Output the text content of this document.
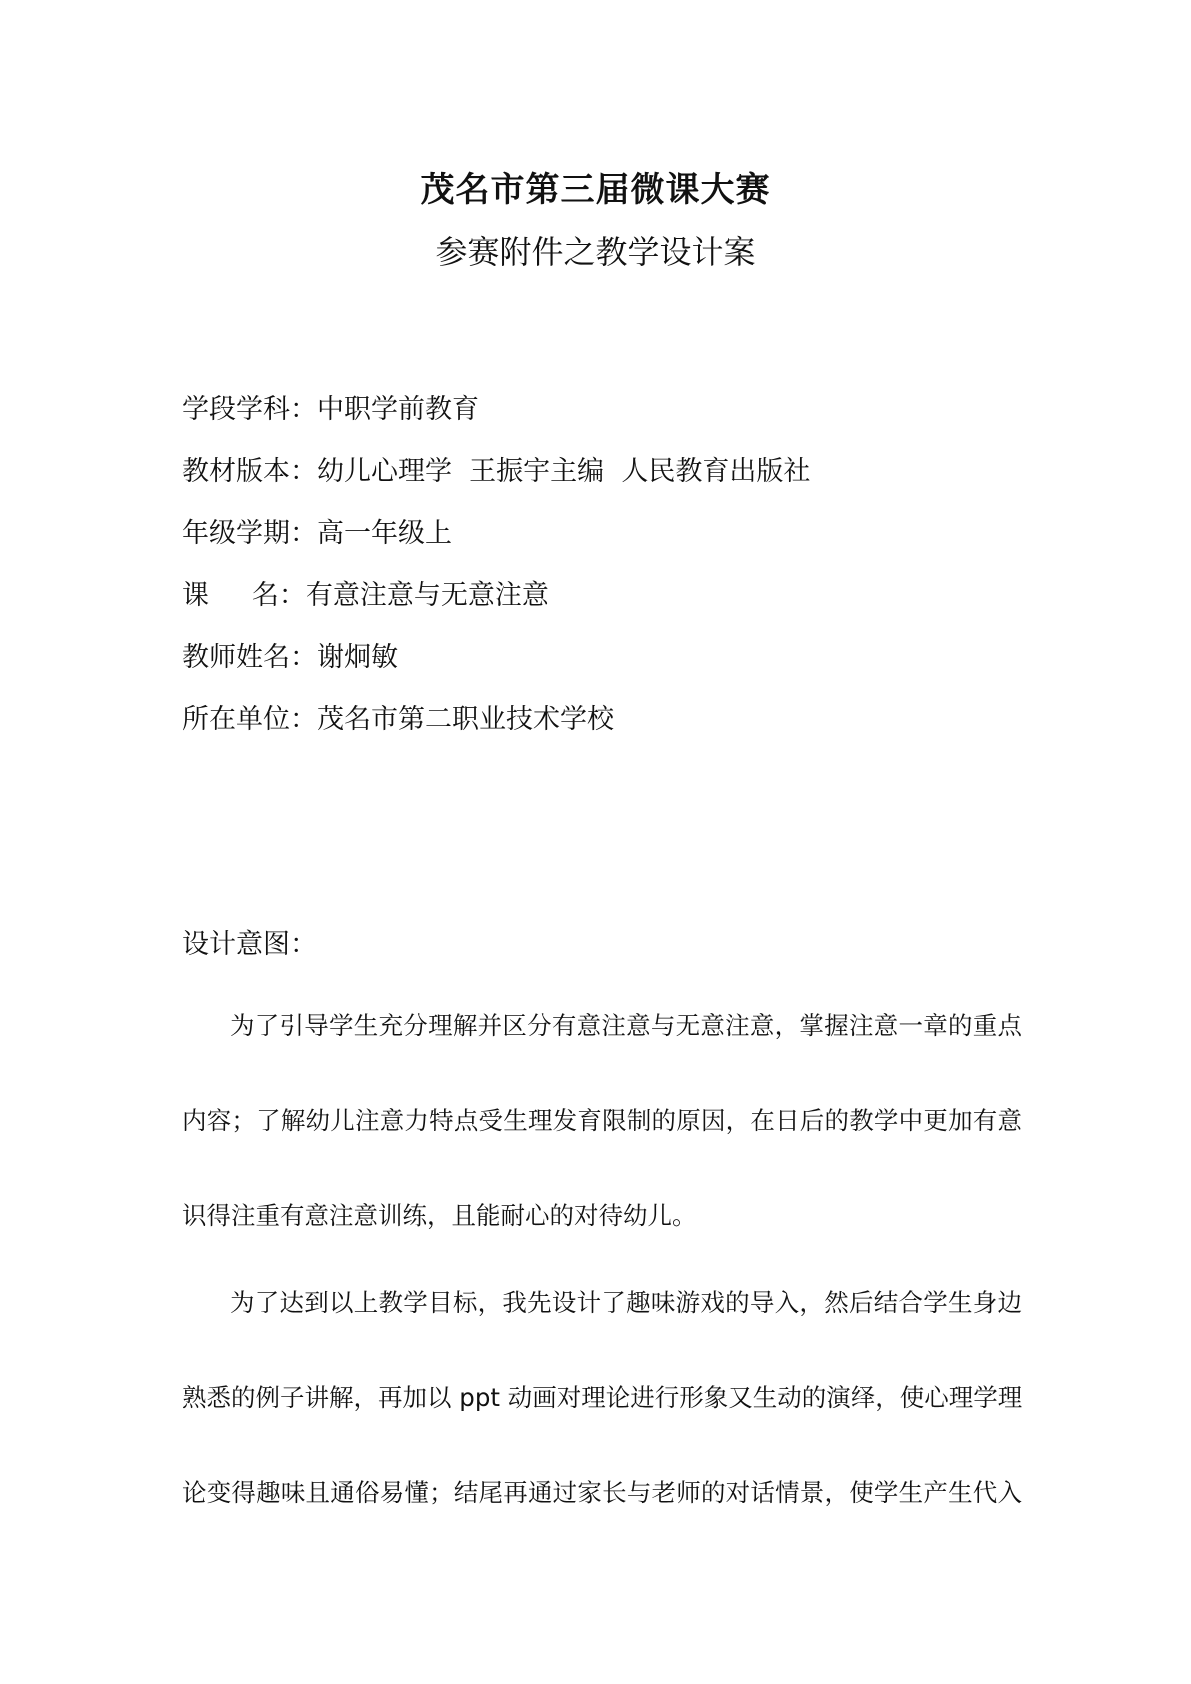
茂名市第三届微课大赛
参赛附件之教学设计案
学段学科：中职学前教育
教材版本：幼儿心理学  王振宇主编  人民教育出版社
年级学期：高一年级上
课     名：有意注意与无意注意
教师姓名：谢炯敏
所在单位：茂名市第二职业技术学校
设计意图：
为了引导学生充分理解并区分有意注意与无意注意，掌握注意一章的重点
内容；了解幼儿注意力特点受生理发育限制的原因，在日后的教学中更加有意
识得注重有意注意训练，且能耐心的对待幼儿。
为了达到以上教学目标，我先设计了趣味游戏的导入，然后结合学生身边
熟悉的例子讲解，再加以 ppt 动画对理论进行形象又生动的演绎，使心理学理
论变得趣味且通俗易懂；结尾再通过家长与老师的对话情景，使学生产生代入
